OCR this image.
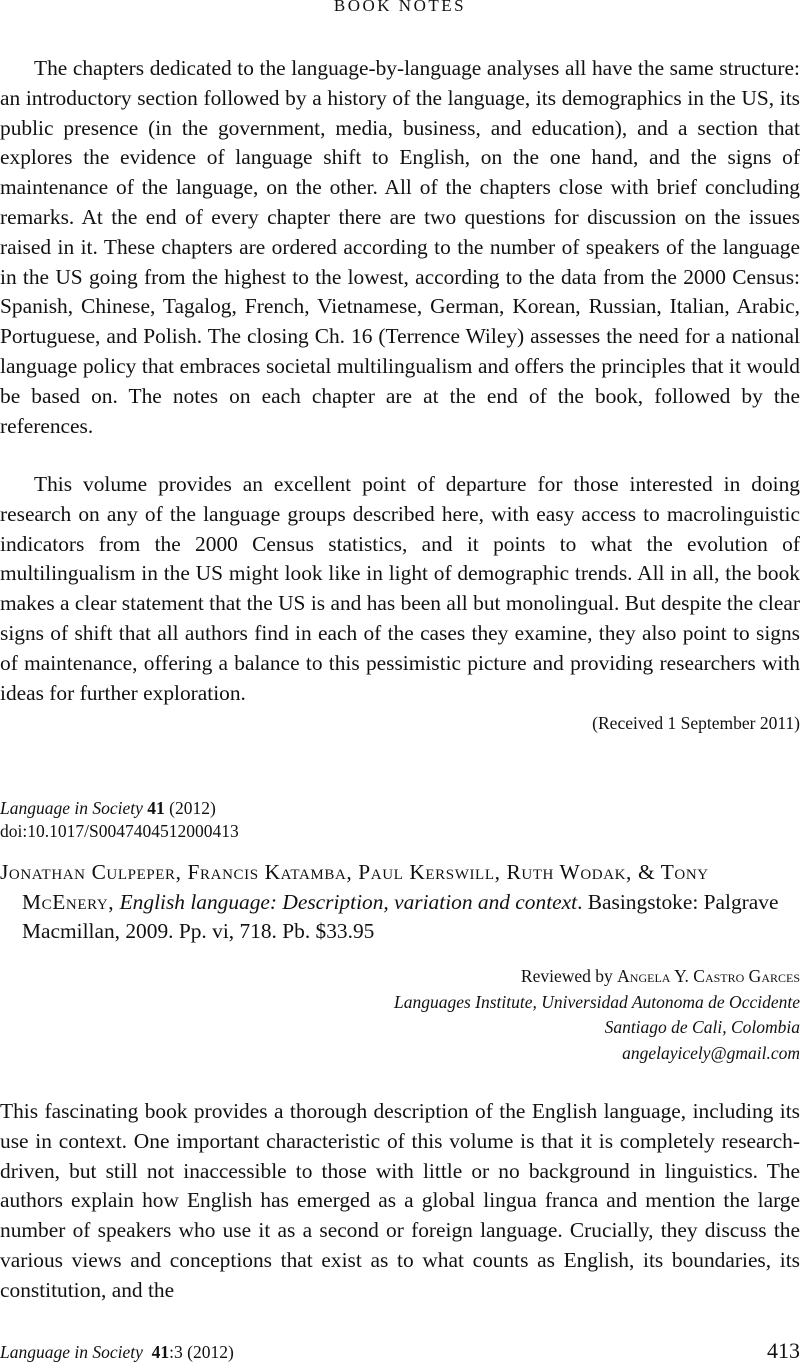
BOOK NOTES

The chapters dedicated to the language-by-language analyses all have the same structure: an introductory section followed by a history of the language, its demographics in the US, its public presence (in the government, media, business, and education), and a section that explores the evidence of language shift to English, on the one hand, and the signs of maintenance of the language, on the other. All of the chapters close with brief concluding remarks. At the end of every chapter there are two questions for discussion on the issues raised in it. These chapters are ordered according to the number of speakers of the language in the US going from the highest to the lowest, according to the data from the 2000 Census: Spanish, Chinese, Tagalog, French, Vietnamese, German, Korean, Russian, Italian, Arabic, Portuguese, and Polish. The closing Ch. 16 (Terrence Wiley) assesses the need for a national language policy that embraces societal multilingualism and offers the principles that it would be based on. The notes on each chapter are at the end of the book, followed by the references.

This volume provides an excellent point of departure for those interested in doing research on any of the language groups described here, with easy access to macrolinguistic indicators from the 2000 Census statistics, and it points to what the evolution of multilingualism in the US might look like in light of demographic trends. All in all, the book makes a clear statement that the US is and has been all but monolingual. But despite the clear signs of shift that all authors find in each of the cases they examine, they also point to signs of maintenance, offering a balance to this pessimistic picture and providing researchers with ideas for further exploration.

(Received 1 September 2011)

Language in Society 41 (2012)
doi:10.1017/S0047404512000413

Jonathan Culpeper, Francis Katamba, Paul Kerswill, Ruth Wodak, & Tony McEnery, English language: Description, variation and context. Basingstoke: Palgrave Macmillan, 2009. Pp. vi, 718. Pb. $33.95

Reviewed by Angela Y. Castro Garces
Languages Institute, Universidad Autonoma de Occidente
Santiago de Cali, Colombia
angelayicely@gmail.com

This fascinating book provides a thorough description of the English language, including its use in context. One important characteristic of this volume is that it is completely research-driven, but still not inaccessible to those with little or no background in linguistics. The authors explain how English has emerged as a global lingua franca and mention the large number of speakers who use it as a second or foreign language. Crucially, they discuss the various views and conceptions that exist as to what counts as English, its boundaries, its constitution, and the

Language in Society 41:3 (2012)	413
